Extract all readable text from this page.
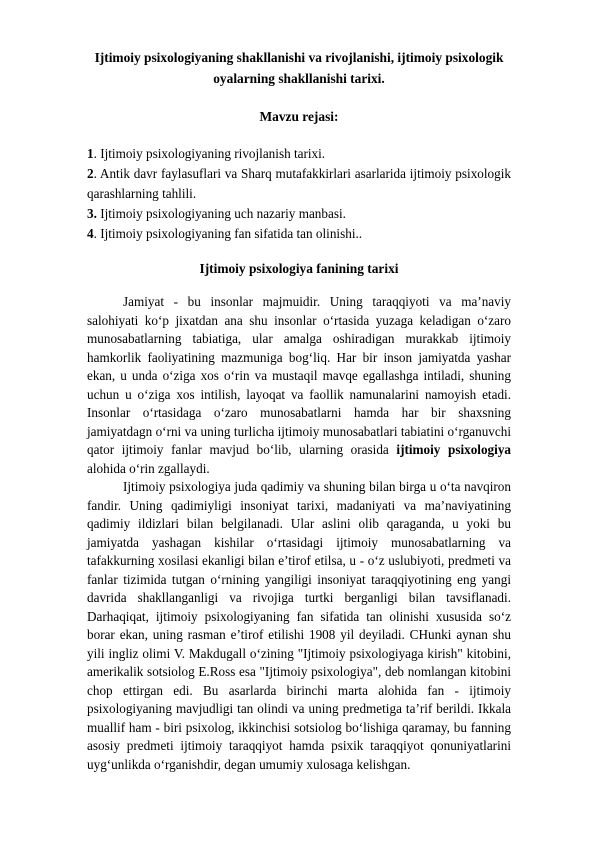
Ijtimoiy psixologiyaning shakllanishi va rivojlanishi, ijtimoiy psixologik oyalarning shakllanishi tarixi.
Mavzu rejasi:
1. Ijtimoiy psixologiyaning rivojlanish tarixi.
2. Antik davr faylasuflari va Sharq mutafakkirlari asarlarida ijtimoiy psixologik qarashlarning tahlili.
3. Ijtimoiy psixologiyaning uch nazariy manbasi.
4. Ijtimoiy psixologiyaning fan sifatida tan olinishi..
Ijtimoiy psixologiya fanining tarixi

Jamiyat - bu insonlar majmuidir. Uning taraqqiyoti va ma’naviy salohiyati ko‘p jixatdan ana shu insonlar o‘rtasida yuzaga keladigan o‘zaro munosabatlarning tabiatiga, ular amalga oshiradigan murakkab ijtimoiy hamkorlik faoliyatining mazmuniga bog‘liq. Har bir inson jamiyatda yashar ekan, u unda o‘ziga xos o‘rin va mustaqil mavqe egallashga intiladi, shuning uchun u o‘ziga xos intilish, layoqat va faollik namunalarini namoyish etadi. Insonlar o‘rtasidaga o‘zaro munosabatlarni hamda har bir shaxsning jamiyatdagn o‘rni va uning turlicha ijtimoiy munosabatlari tabiatini o‘rganuvchi qator ijtimoiy fanlar mavjud bo‘lib, ularning orasida ijtimoiy psixologiya alohida o‘rin zgallaydi.

Ijtimoiy psixologiya juda qadimiy va shuning bilan birga u o‘ta navqiron fandir. Uning qadimiyligi insoniyat tarixi, madaniyati va ma’naviyatining qadimiy ildizlari bilan belgilanadi. Ular aslini olib qaraganda, u yoki bu jamiyatda yashagan kishilar o‘rtasidagi ijtimoiy munosabatlarning va tafakkurning xosilasi ekanligi bilan e’tirof etilsa, u - o‘z uslubiyoti, predmeti va fanlar tizimida tutgan o‘rnining yangiligi insoniyat taraqqiyotining eng yangi davrida shakllanganligi va rivojiga turtki berganligi bilan tavsiflanadi. Darhaqiqat, ijtimoiy psixologiyaning fan sifatida tan olinishi xususida so‘z borar ekan, uning rasman e’tirof etilishi 1908 yil deyiladi. CHunki aynan shu yili ingliz olimi V. Makdugall o‘zining "Ijtimoiy psixologiyaga kirish" kitobini, amerikalik sotsiolog E.Ross esa "Ijtimoiy psixologiya", deb nomlangan kitobini chop ettirgan edi. Bu asarlarda birinchi marta alohida fan - ijtimoiy psixologiyaning mavjudligi tan olindi va uning predmetiga ta’rif berildi. Ikkala muallif ham - biri psixolog, ikkinchisi sotsiolog bo‘lishiga qaramay, bu fanning asosiy predmeti ijtimoiy taraqqiyot hamda psixik taraqqiyot qonuniyatlarini uyg‘unlikda o‘rganishdir, degan umumiy xulosaga kelishgan.
